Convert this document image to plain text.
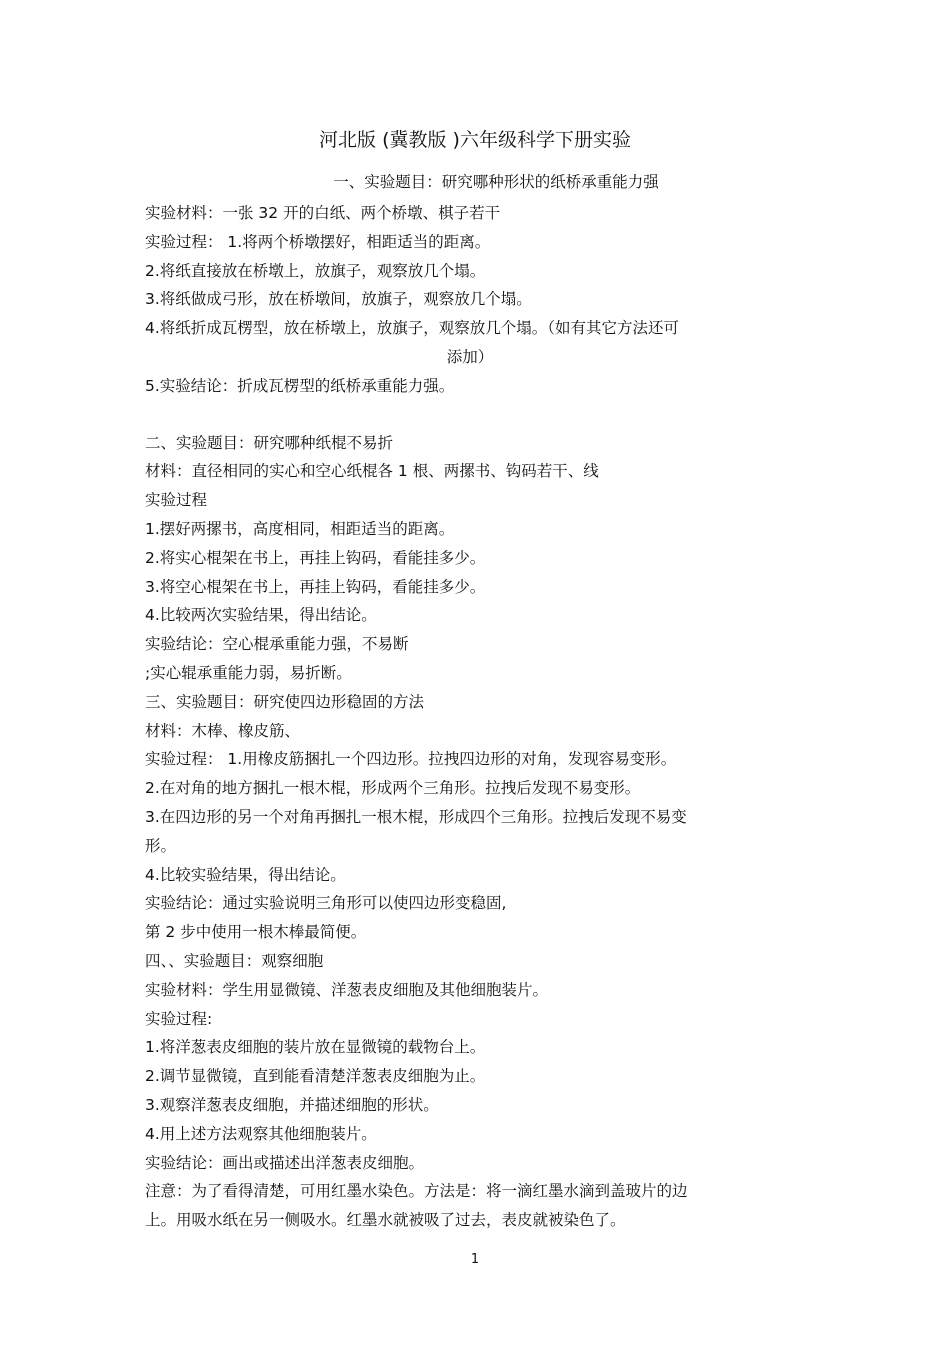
河北版 (冀教版 )六年级科学下册实验
一、实验题目：研究哪种形状的纸桥承重能力强
实验材料：一张 32 开的白纸、两个桥墩、棋子若干
实验过程： 1.将两个桥墩摆好，相距适当的距离。
2.将纸直接放在桥墩上，放旗子，观察放几个塌。
3.将纸做成弓形，放在桥墩间，放旗子，观察放几个塌。
4.将纸折成瓦楞型，放在桥墩上，放旗子，观察放几个塌。（如有其它方法还可
添加）
5.实验结论：折成瓦楞型的纸桥承重能力强。
二、实验题目：研究哪种纸棍不易折
材料：直径相同的实心和空心纸棍各 1 根、两摞书、钩码若干、线
实验过程
1.摆好两摞书，高度相同，相距适当的距离。
2.将实心棍架在书上，再挂上钩码，看能挂多少。
3.将空心棍架在书上，再挂上钩码，看能挂多少。
4.比较两次实验结果，得出结论。
实验结论：空心棍承重能力强，不易断
;实心辊承重能力弱，易折断。
三、实验题目：研究使四边形稳固的方法
材料：木棒、橡皮筋、
实验过程： 1.用橡皮筋捆扎一个四边形。拉拽四边形的对角，发现容易变形。
2.在对角的地方捆扎一根木棍，形成两个三角形。拉拽后发现不易变形。
3.在四边形的另一个对角再捆扎一根木棍，形成四个三角形。拉拽后发现不易变
形。
4.比较实验结果，得出结论。
实验结论：通过实验说明三角形可以使四边形变稳固,
第 2 步中使用一根木棒最简便。
四、、实验题目：观察细胞
实验材料：学生用显微镜、洋葱表皮细胞及其他细胞装片。
实验过程:
1.将洋葱表皮细胞的装片放在显微镜的载物台上。
2.调节显微镜，直到能看清楚洋葱表皮细胞为止。
3.观察洋葱表皮细胞，并描述细胞的形状。
4.用上述方法观察其他细胞装片。
实验结论：画出或描述出洋葱表皮细胞。
注意：为了看得清楚，可用红墨水染色。方法是：将一滴红墨水滴到盖玻片的边
上。用吸水纸在另一侧吸水。红墨水就被吸了过去，表皮就被染色了。
1
